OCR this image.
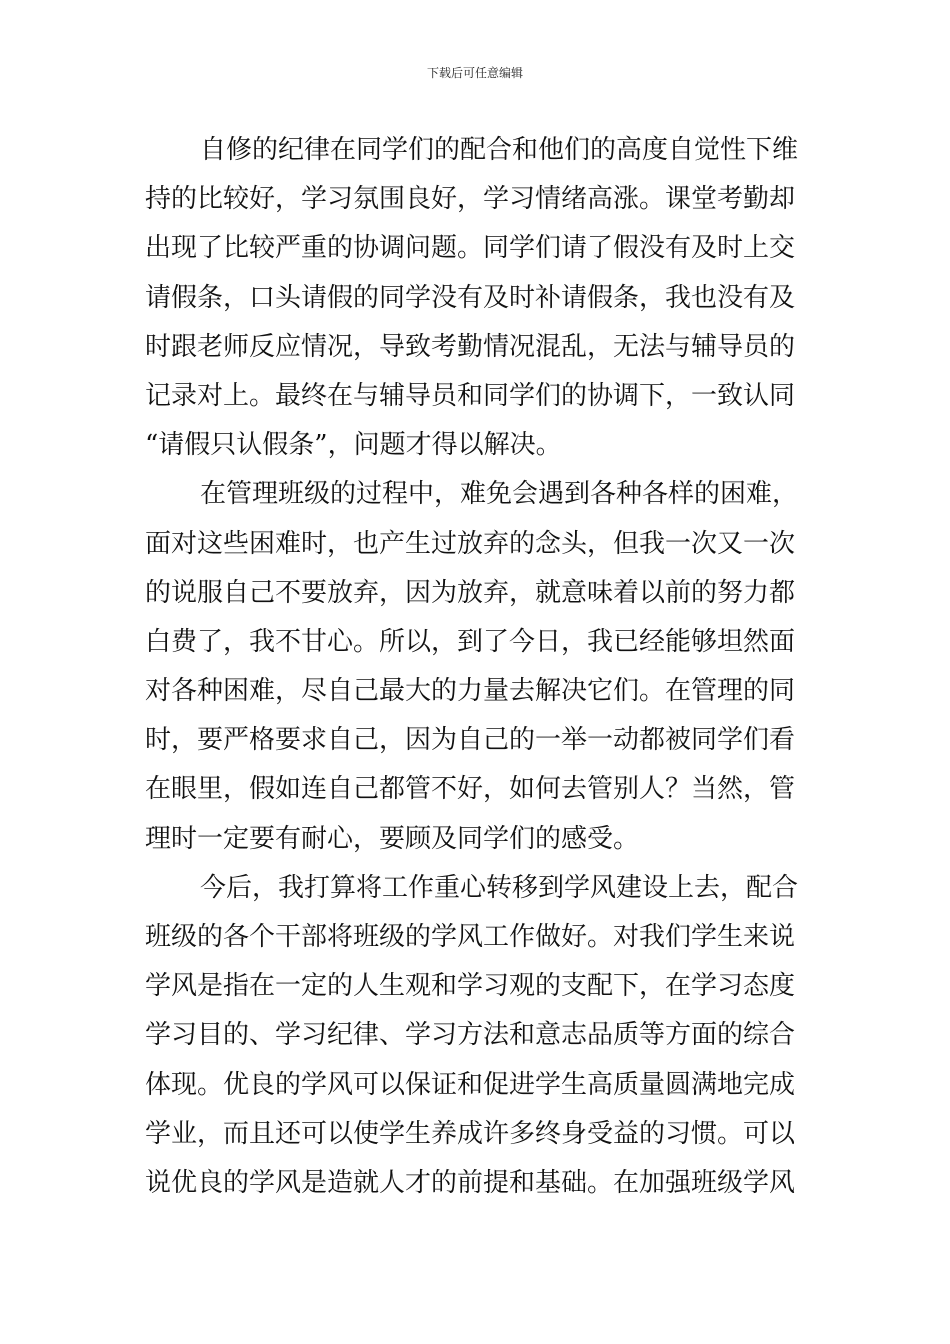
下载后可任意编辑
自修的纪律在同学们的配合和他们的高度自觉性下维
持的比较好，学习氛围良好，学习情绪高涨。课堂考勤却
出现了比较严重的协调问题。同学们请了假没有及时上交
请假条，口头请假的同学没有及时补请假条，我也没有及
时跟老师反应情况，导致考勤情况混乱，无法与辅导员的
记录对上。最终在与辅导员和同学们的协调下，一致认同
“请假只认假条”，问题才得以解决。
在管理班级的过程中，难免会遇到各种各样的困难，
面对这些困难时，也产生过放弃的念头，但我一次又一次
的说服自己不要放弃，因为放弃，就意味着以前的努力都
白费了，我不甘心。所以，到了今日，我已经能够坦然面
对各种困难，尽自己最大的力量去解决它们。在管理的同
时，要严格要求自己，因为自己的一举一动都被同学们看
在眼里，假如连自己都管不好，如何去管别人？当然，管
理时一定要有耐心，要顾及同学们的感受。
今后，我打算将工作重心转移到学风建设上去，配合
班级的各个干部将班级的学风工作做好。对我们学生来说
学风是指在一定的人生观和学习观的支配下，在学习态度
学习目的、学习纪律、学习方法和意志品质等方面的综合
体现。优良的学风可以保证和促进学生高质量圆满地完成
学业，而且还可以使学生养成许多终身受益的习惯。可以
说优良的学风是造就人才的前提和基础。在加强班级学风
